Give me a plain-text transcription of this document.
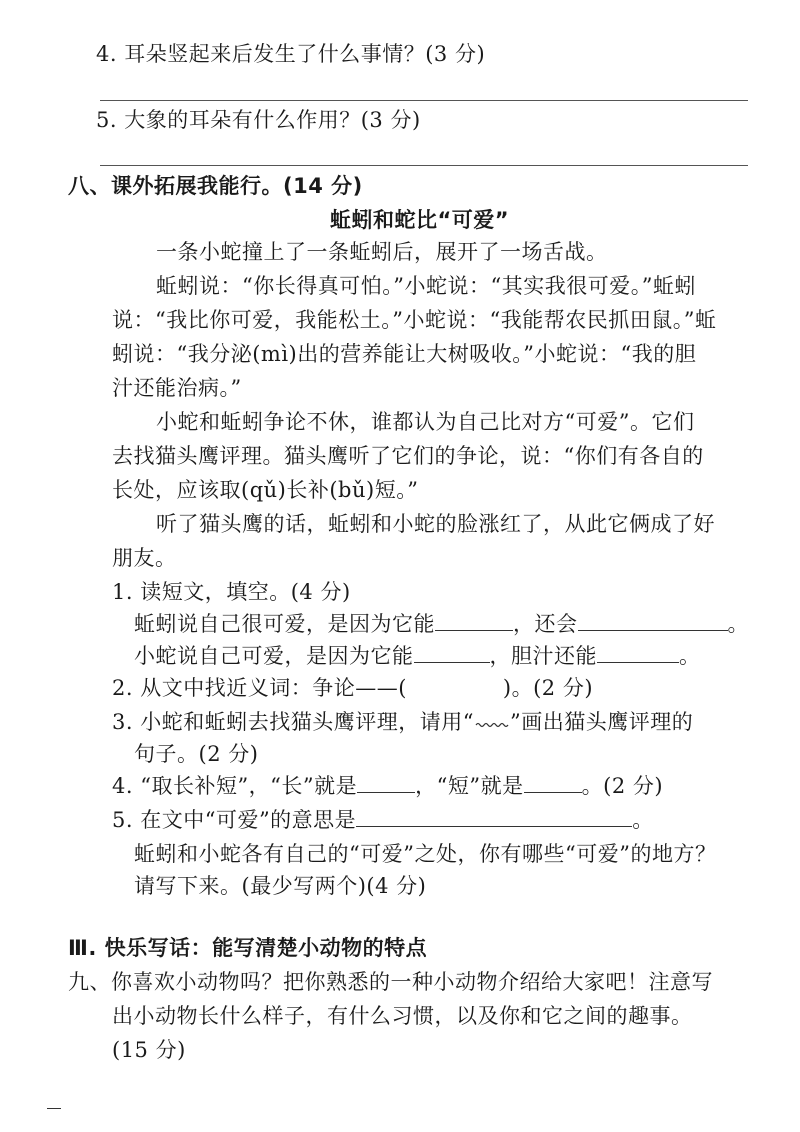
4. 耳朵竖起来后发生了什么事情？(3 分)
5. 大象的耳朵有什么作用？(3 分)
八、课外拓展我能行。(14 分)
蚯蚓和蛇比“可爱”
一条小蛇撞上了一条蚯蚓后，展开了一场舌战。
蚯蚓说：“你长得真可怕。”小蛇说：“其实我很可爱。”蚯蚓
说：“我比你可爱，我能松土。”小蛇说：“我能帮农民抓田鼠。”蚯
蚓说：“我分泌(mì)出的营养能让大树吸收。”小蛇说：“我的胆
汁还能治病。”
小蛇和蚯蚓争论不休，谁都认为自己比对方“可爱”。它们
去找猫头鹰评理。猫头鹰听了它们的争论，说：“你们有各自的
长处，应该取(qǔ)长补(bǔ)短。”
听了猫头鹰的话，蚯蚓和小蛇的脸涨红了，从此它俩成了好
朋友。
1. 读短文，填空。(4 分)
蚯蚓说自己很可爱，是因为它能	，还会	。
小蛇说自己可爱，是因为它能	，胆汁还能	。
2. 从文中找近义词：争论——(	)。(2 分)
3. 小蛇和蚯蚓去找猫头鹰评理，请用“ ”画出猫头鹰评理的
句子。(2 分)
4. “取长补短”，“长”就是	，“短”就是	。(2 分)
5. 在文中“可爱”的意思是	。
蚯蚓和小蛇各有自己的“可爱”之处，你有哪些“可爱”的地方？
请写下来。(最少写两个)(4 分)
Ⅲ. 快乐写话：能写清楚小动物的特点
九、你喜欢小动物吗？把你熟悉的一种小动物介绍给大家吧！注意写
出小动物长什么样子，有什么习惯，以及你和它之间的趣事。
(15 分)
